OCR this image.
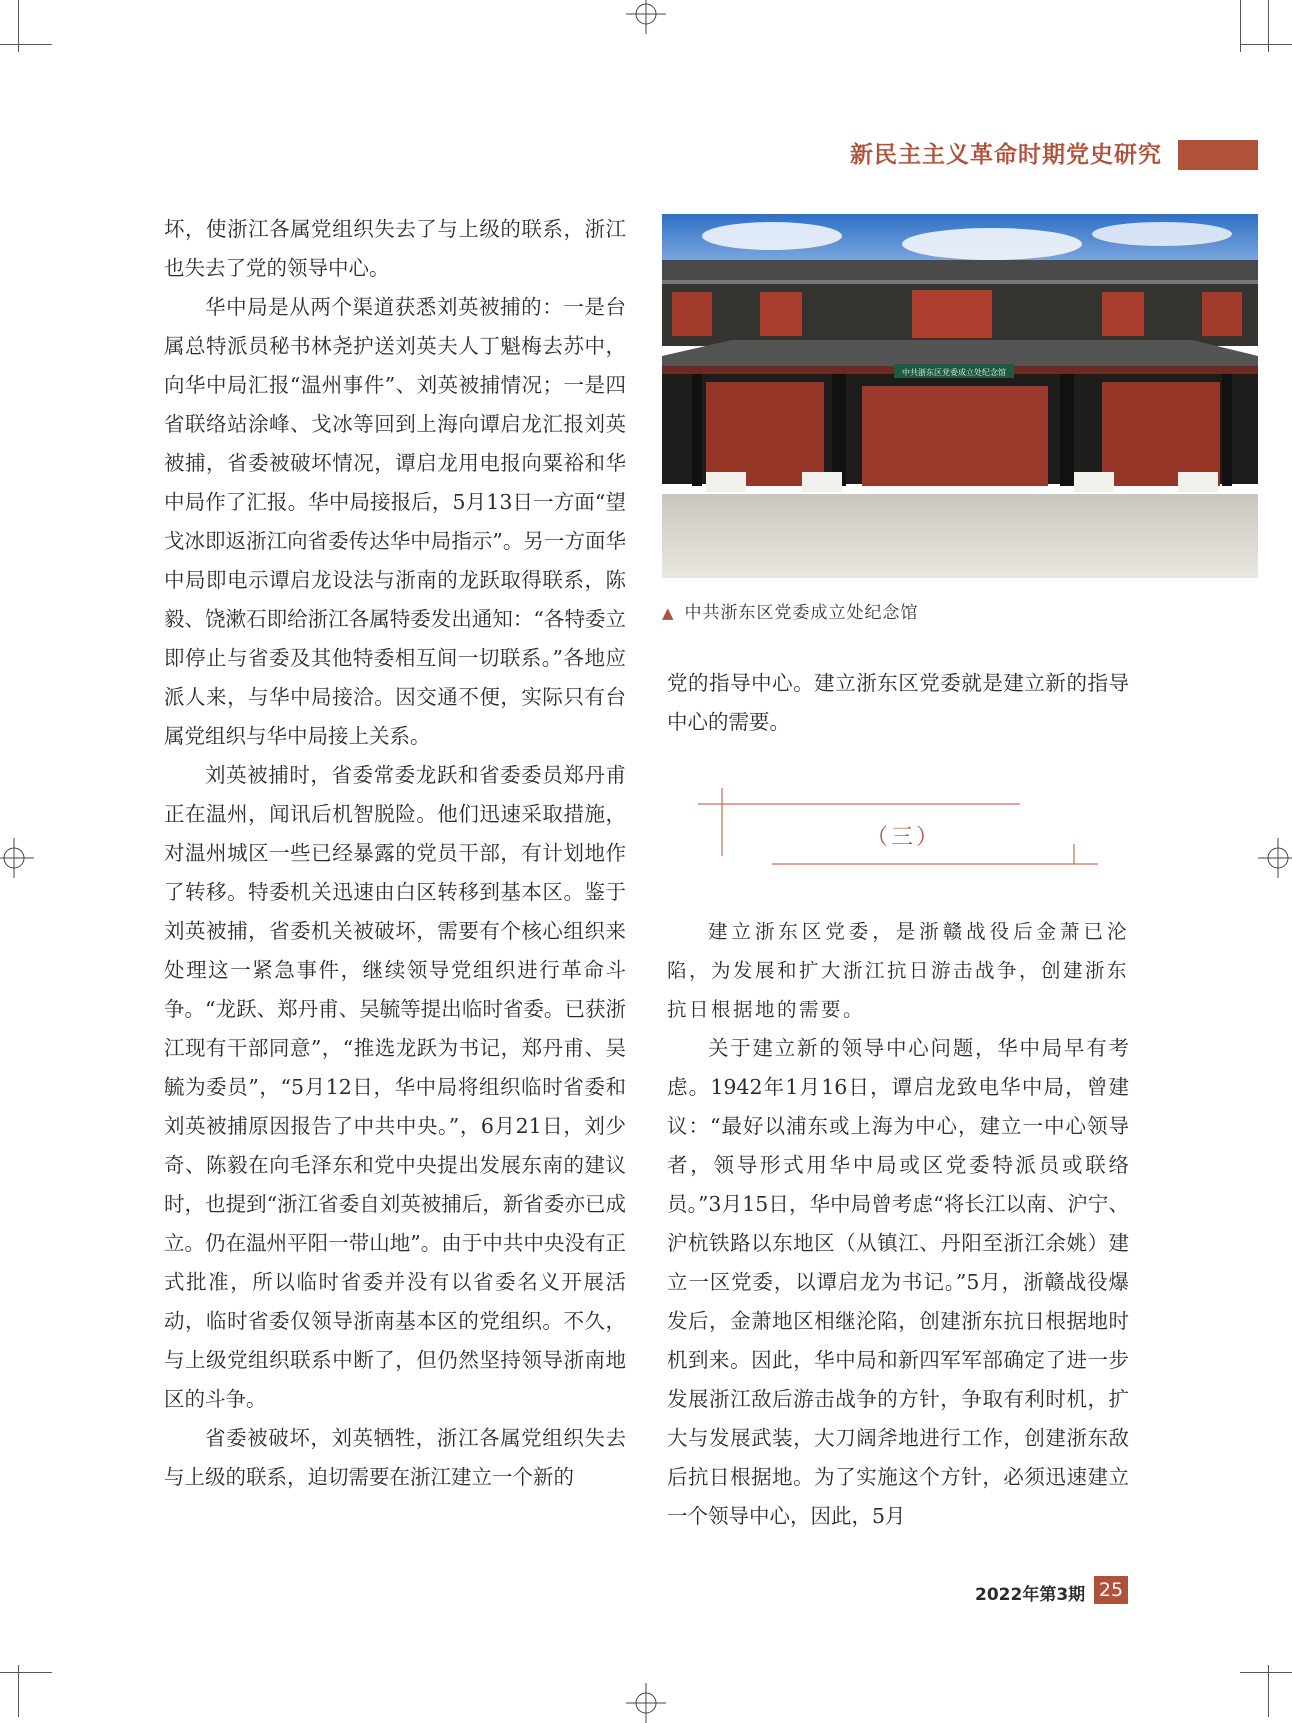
新民主主义革命时期党史研究

坏，使浙江各属党组织失去了与上级的联系，浙江也失去了党的领导中心。

华中局是从两个渠道获悉刘英被捕的：一是台属总特派员秘书林尧护送刘英夫人丁魁梅去苏中，向华中局汇报“温州事件”、刘英被捕情况；一是四省联络站涂峰、戈冰等回到上海向谭启龙汇报刘英被捕，省委被破坏情况，谭启龙用电报向粟裕和华中局作了汇报。华中局接报后，5月13日一方面“望戈冰即返浙江向省委传达华中局指示”。另一方面华中局即电示谭启龙设法与浙南的龙跃取得联系，陈毅、饶漱石即给浙江各属特委发出通知：“各特委立即停止与省委及其他特委相互间一切联系。”各地应派人来，与华中局接洽。因交通不便，实际只有台属党组织与华中局接上关系。

刘英被捕时，省委常委龙跃和省委委员郑丹甫正在温州，闻讯后机智脱险。他们迅速采取措施，对温州城区一些已经暴露的党员干部，有计划地作了转移。特委机关迅速由白区转移到基本区。鉴于刘英被捕，省委机关被破坏，需要有个核心组织来处理这一紧急事件，继续领导党组织进行革命斗争。“龙跃、郑丹甫、吴毓等提出临时省委。已获浙江现有干部同意”，“推选龙跃为书记，郑丹甫、吴毓为委员”，“5月12日，华中局将组织临时省委和刘英被捕原因报告了中共中央。”，6月21日，刘少奇、陈毅在向毛泽东和党中央提出发展东南的建议时，也提到“浙江省委自刘英被捕后，新省委亦已成立。仍在温州平阳一带山地”。由于中共中央没有正式批准，所以临时省委并没有以省委名义开展活动，临时省委仅领导浙南基本区的党组织。不久，与上级党组织联系中断了，但仍然坚持领导浙南地区的斗争。

省委被破坏，刘英牺牲，浙江各属党组织失去与上级的联系，迫切需要在浙江建立一个新的

中共浙东区党委成立处纪念馆
▲ 中共浙东区党委成立处纪念馆

党的指导中心。建立浙东区党委就是建立新的指导中心的需要。

（三）

建立浙东区党委，是浙赣战役后金萧已沦陷，为发展和扩大浙江抗日游击战争，创建浙东抗日根据地的需要。

关于建立新的领导中心问题，华中局早有考虑。1942年1月16日，谭启龙致电华中局，曾建议：“最好以浦东或上海为中心，建立一中心领导者，领导形式用华中局或区党委特派员或联络员。”3月15日，华中局曾考虑“将长江以南、沪宁、沪杭铁路以东地区（从镇江、丹阳至浙江余姚）建立一区党委，以谭启龙为书记。”5月，浙赣战役爆发后，金萧地区相继沦陷，创建浙东抗日根据地时机到来。因此，华中局和新四军军部确定了进一步发展浙江敌后游击战争的方针，争取有利时机，扩大与发展武装，大刀阔斧地进行工作，创建浙东敌后抗日根据地。为了实施这个方针，必须迅速建立一个领导中心，因此，5月

2022年第3期 25
